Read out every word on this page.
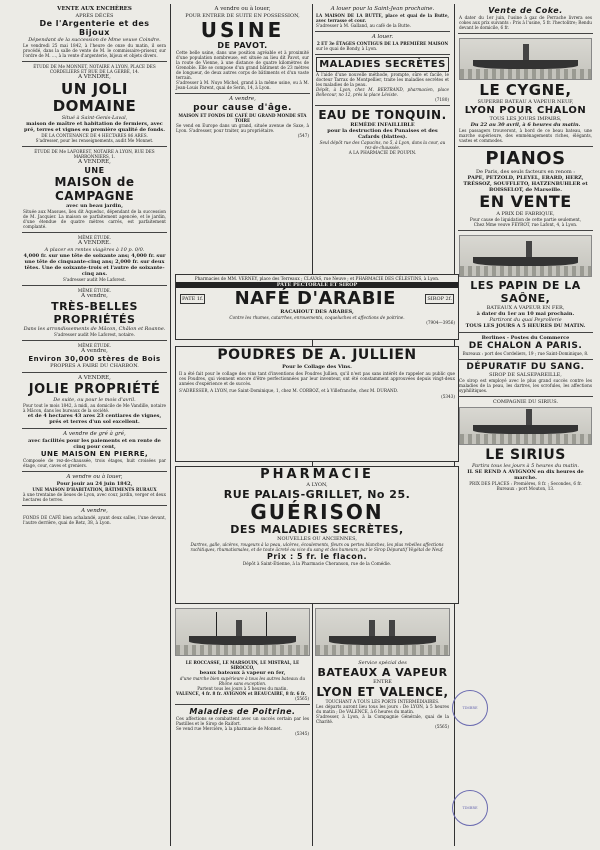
VENTE AUX ENCHÈRES
APRÈS DÉCÈS
De l'Argenterie et des Bijoux
Dépendant de la succession de Mme veuve Coindre.
Le vendredi 25 mai 1842, à l'heure de onze du matin, il sera procédé, dans la salle de vente de M. le commissaire-priseur, sur l'ordre de M. ..., à la vente d'argenterie, bijoux et objets divers.
ÉTUDE DE Me MONNET, NOTAIRE A LYON, PLACE DES CORDELIERS ET RUE DE LA GERBE, 14.
A VENDRE,
UN JOLI DOMAINE
Situé à Saint-Genis-Laval,
maison de maître et habitation de fermiers, avec pré, terres et vignes en première qualité de fonds.
DE LA CONTENANCE DE 4 HECTARES 86 ARES.
S'adresser, pour les renseignements, audit Me Monnet.
ÉTUDE DE Me LAFOREST, NOTAIRE A LYON, RUE DES MARRONNIERS, 1.
A VENDRE,
UNE
MAISON de CAMPAGNE
avec un beau jardin,
Située aux Massues, lieu dit Aqueduc, dépendant de la succession de M. Jacquier. La maison se parfaitement agencée, et le jardin, d'une étendue de quatre mètres carrés, est parfaitement complanté.
MÊME ÉTUDE.
A VENDRE.
A placer en rentes viagères à 10 p. 0/0.
4,000 fr. sur une tête de soixante ans; 4,000 fr. sur une tête de cinquante-cinq ans; 2,000 fr. sur deux têtes. Une de soixante-trois et l'autre de soixante-cinq ans.
S'adresser audit Me Laforest.
MÊME ÉTUDE.
A vendre,
TRÈS-BELLES PROPRIÉTÉS
Dans les arrondissements de Mâcon, Châlon et Roanne.
S'adresser audit Me Laforest, notaire.
MÊME ÉTUDE.
A vendre,
Environ 30,000 stères de Bois
PROPRES A FAIRE DU CHARBON.
A VENDRE,
JOLIE PROPRIÉTÉ
De suite, ou pour le mois d'avril.
Pour tout le mois 1842, à midi, au domicile de Me Vandille, notaire à Mâcon, dans les bureaux de la société.
et de 4 hectares 43 ares 23 centiares de vignes, prés et terres d'un sol excellent.
A vendre de gré à gré,
avec facilités pour les paiements et en rente de cinq pour cent,
UNE MAISON EN PIERRE,
Composée de rez-de-chaussée, trois étages, huit croisées par étage, cour, caves et greniers.
A vendre ou à louer,
Pour jouir au 24 juin 1842,
UNE MAISON D'HABITATION, BÂTIMENTS RURAUX
à une trentaine de lieues de Lyon, avec cour, jardin, verger et deux hectares de terres.
A vendre,
FONDS DE CAFÉ bien achalandé, ayant deux salles, l'une devant, l'autre derrière, quai de Retz, 38, à Lyon.
A vendre ou à louer,
POUR ENTRER DE SUITE EN POSSESSION,
USINE
DE PAVOT.
Cette belle usine, dans une position agréable et à proximité d'une population nombreuse, est située au lieu dit Pavot, sur la route de Vienne, à une distance de quatre kilomètres de Grenoble. Elle se compose d'un grand bâtiment de 23 mètres de longueur, de deux autres corps de bâtiments et d'un vaste terrain.
S'adresser à M. Nuyo Michel, grand à la même usine, ou à M. Jean-Louis Parent, quai de Serin, 14, à Lyon.
A vendre,
pour cause d'âge.
MAISON ET FONDS DE CAFÉ DU GRAND MONDE STA TOIRE
Se vend en Europe dans un grand, située avenue de Saxe, à Lyon. S'adresser, pour traiter, au propriétaire.
(547)
A louer pour la Saint-Jean prochaine.
LA MAISON DE LA BUTTE, place et quai de la Butte, avec terrasse et cour.
S'adresser à M. Galland, au café de la Butte.
A louer.
2 ET 3e ÉTAGES CONTIGUS DE LA PREMIÈRE MAISON
sur le quai de Bondy, à Lyon.
MALADIES SECRÈTES
A l'aide d'une nouvelle méthode, prompte, sûre et facile, le docteur Tarrax de Montpellier, traite les maladies secrètes et les maladies de la peau.
Dépôt, à Lyon, chez M. BERTRAND, pharmacien, place Bellecour, no 12, près la place Léviste.
(7180)
EAU DE TONQUIN.
REMÈDE INFAILLIBLE
pour la destruction des Punaises et des Cafards (blattes).
Seul dépôt rue des Capucins, no 5, à Lyon, dans la cour, au rez-de-chaussée.
A LA PHARMACIE DE POUPIN.
Pharmacies de MM. VERNEY, place des Terreaux ; CLAVAS, rue Neuve ; et PHARMACIE DES CÉLESTINS, à Lyon.
PÂTE PECTORALE ET SIROP
PATE 1f. NAFÉ D'ARABIE	SIROP 2f.
RACAHOUT DES ARABES,
Contre les rhumes, catarrhes, enrouements, coqueluches et affections de poitrine.
(7904—3956)
POUDRES DE A. JULLIEN
Pour le Collage des Vins.
Il a été fait pour le collage des vins tant d'inventions des Poudres Jullien, qu'il n'est pas sans intérêt de rappeler au public que ces Poudres, qui viennent encore d'être perfectionnées par leur inventeur, ont été constamment approuvées depuis vingt-deux années d'expérience et de succès.
S'ADRESSER, A LYON, rue Saint-Dominique, 1, chez M. CORBOZ, et à Villefranche, chez M. DURAND.
(5343)
PHARMACIE
A LYON,
RUE PALAIS-GRILLET, No 25.
GUÉRISON
DES MALADIES SECRÈTES,
NOUVELLES OU ANCIENNES,
Dartres, galle, ulcères, rougeurs à la peau, ulcères, écoulements, fleurs ou pertes blanches, les plus rebelles affections rachitiques, rhumatismales, et de toute âcreté ou vice du sang et des humeurs, par le Sirop Dépuratif Végétal de Neuf.
Prix : 5 fr. le flacon.
Dépôt à Saint-Étienne, à la Pharmacie Cheranson, rue de la Comédie.
LE ROCCASSE, LE MARSOUIN, LE MISTRAL, LE SIROCCO,
beaux bateaux à vapeur en fer,
d'une marche bien supérieure à tous les autres bateaux du Rhône sans exception.
Partent tous les jours à 5 heures du matin.
VALENCE, 4 fr. 8 fr. AVIGNON et BEAUCAIRE, 8 fr. 6 fr.
(5565)
Maladies de Poitrine.
Ces affections se combattent avec un succès certain par les Pastilles et le Sirop de Raifort.
Se vend rue Mercière, à la pharmacie de Monnet.
(5345)
Service spécial des
BATEAUX A VAPEUR
ENTRE
LYON ET VALENCE,
TOUCHANT A TOUS LES PORTS INTERMÉDIAIRES.
Les départs auront lieu tous les jours : De LYON, à 5 heures du matin ; De VALENCE, à 6 heures du matin.
S'adresser, à Lyon, à la Compagnie Générale, quai de la Charité.
(5565)
Vente de Coke.
A dater du 1er juin, l'usine à gaz de Perrache livrera ses cokes aux prix suivants : Pris à l'usine, 5 fr. l'hectolitre; Rendu devant le domicile, 6 fr.
LE CYGNE,
SUPERBE BATEAU A VAPEUR NEUF,
LYON POUR CHALON
TOUS LES JOURS IMPAIRS,
Du 22 au 30 avril, à 6 heures du matin.
Les passagers trouveront, à bord de ce beau bateau, une marche supérieure, des emménagements riches, élégants, vastes et commodes.
PIANOS
De Paris, des seuls facteurs en renom :
PAPE, PETZOLD, PLEYEL, ERARD, HERZ, TRÉSSOZ, SOUFFLETO, HATZENBUHLER et BOISSELOT, de Marseille.
EN VENTE
A PRIX DE FABRIQUE,
Pour cause de liquidation de cette partie seulement,
Chez Mme veuve FEYROT, rue Lafont, 4, à Lyon.
LES PAPIN DE LA SAÔNE,
BATEAUX A VAPEUR EN FER,
à dater du 1er au 10 mai prochain.
Partiront du quai Peyrollerie
TOUS LES JOURS A 5 HEURES DU MATIN.
Berlines - Postes du Commerce
DE CHALON A PARIS.
Bureaux : port des Cordeliers, 19 ; rue Saint-Dominique, 8.
DÉPURATIF DU SANG.
SIROP DE SALSEPAREILLE,
Ce sirop est employé avec le plus grand succès contre les maladies de la peau, les dartres, les scrofules, les affections syphilitiques.
COMPAGNIE DU SIRIUS.
LE SIRIUS
Partira tous les jours à 5 heures du matin.
IL SE REND A AVIGNON en dix heures de marche.
PRIX DES PLACES : Premières, 8 fr. ; Secondes, 6 fr.
Bureaux : port Mouton, 13.
TIMBRE
TIMBRE
